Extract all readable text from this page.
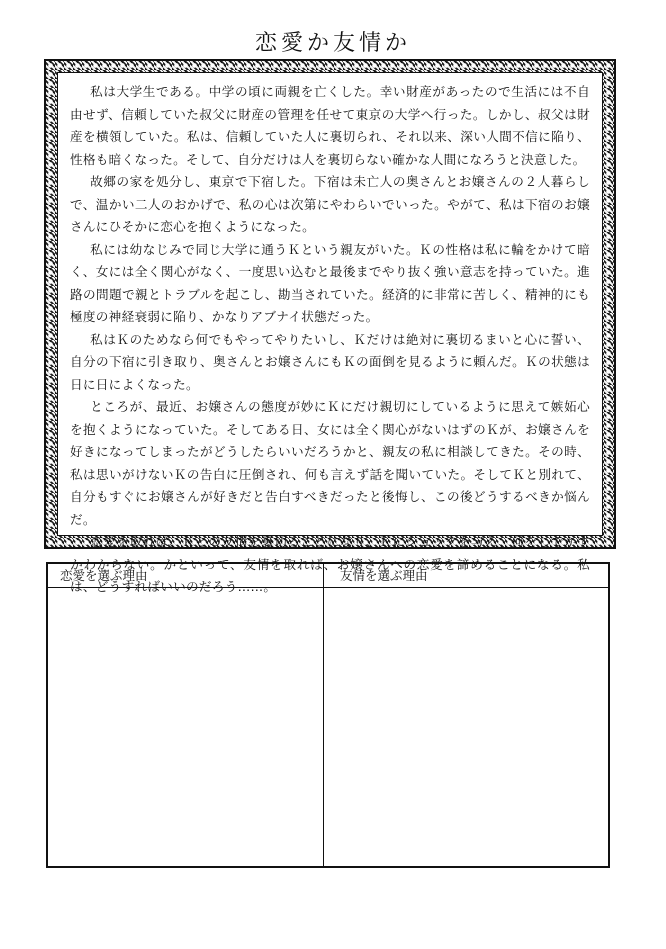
恋愛か友情か

私は大学生である。中学の頃に両親を亡くした。幸い財産があったので生活には不自由せず、信頼していた叔父に財産の管理を任せて東京の大学へ行った。しかし、叔父は財産を横領していた。私は、信頼していた人に裏切られ、それ以来、深い人間不信に陥り、性格も暗くなった。そして、自分だけは人を裏切らない確かな人間になろうと決意した。

故郷の家を処分し、東京で下宿した。下宿は未亡人の奥さんとお嬢さんの２人暮らしで、温かい二人のおかげで、私の心は次第にやわらいでいった。やがて、私は下宿のお嬢さんにひそかに恋心を抱くようになった。

私には幼なじみで同じ大学に通うＫという親友がいた。Ｋの性格は私に輪をかけて暗く、女には全く関心がなく、一度思い込むと最後までやり抜く強い意志を持っていた。進路の問題で親とトラブルを起こし、勘当されていた。経済的に非常に苦しく、精神的にも極度の神経衰弱に陥り、かなりアブナイ状態だった。

私はＫのためなら何でもやってやりたいし、Ｋだけは絶対に裏切るまいと心に誓い、自分の下宿に引き取り、奥さんとお嬢さんにもＫの面倒を見るように頼んだ。Ｋの状態は日に日によくなった。

ところが、最近、お嬢さんの態度が妙にＫにだけ親切にしているように思えて嫉妬心を抱くようになっていた。そしてある日、女には全く関心がないはずのＫが、お嬢さんを好きになってしまったがどうしたらいいだろうかと、親友の私に相談してきた。その時、私は思いがけないＫの告白に圧倒され、何も言えず話を聞いていた。そしてＫと別れて、自分もすぐにお嬢さんが好きだと告白すべきだったと後悔し、この後どうするべきか悩んだ。

恋愛を取れば、Ｋとの友情を裏切ることになり、Ｋにショックを与え、何をしでかすかわからない。かといって、友情を取れば、お嬢さんへの恋愛を諦めることになる。私は、どうすればいいのだろう……。

恋愛を選ぶ理由	友情を選ぶ理由
